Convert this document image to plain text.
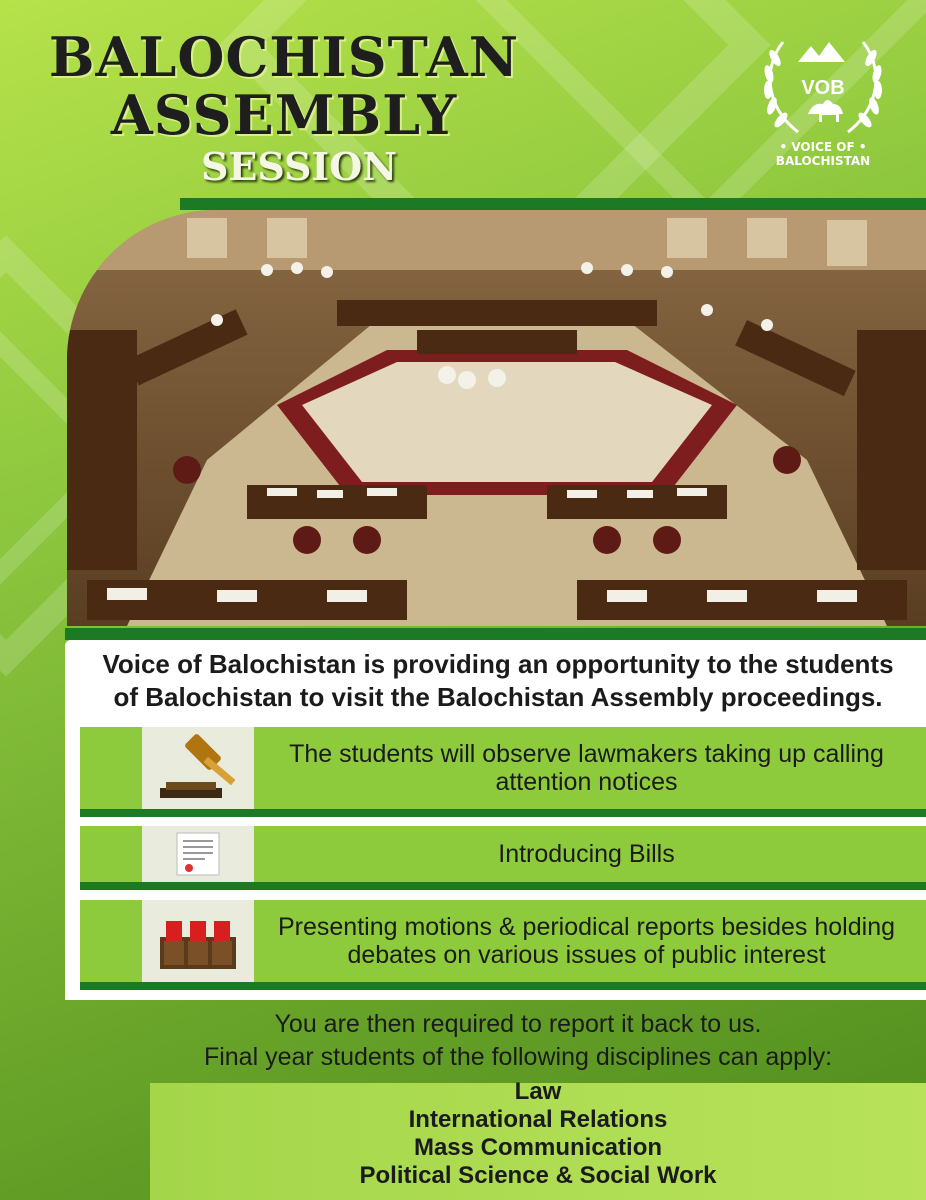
BALOCHISTAN
ASSEMBLY
SESSION
VOB
• VOICE OF •
BALOCHISTAN
Voice of Balochistan is providing an opportunity to the students
of Balochistan to visit the Balochistan Assembly proceedings.
The students will observe lawmakers taking up calling attention notices
Introducing Bills
Presenting motions & periodical reports besides holding debates on various issues of public interest
You are then required to report it back to us.
Final year students of the following disciplines can apply:
Law
International Relations
Mass Communication
Political Science & Social Work
